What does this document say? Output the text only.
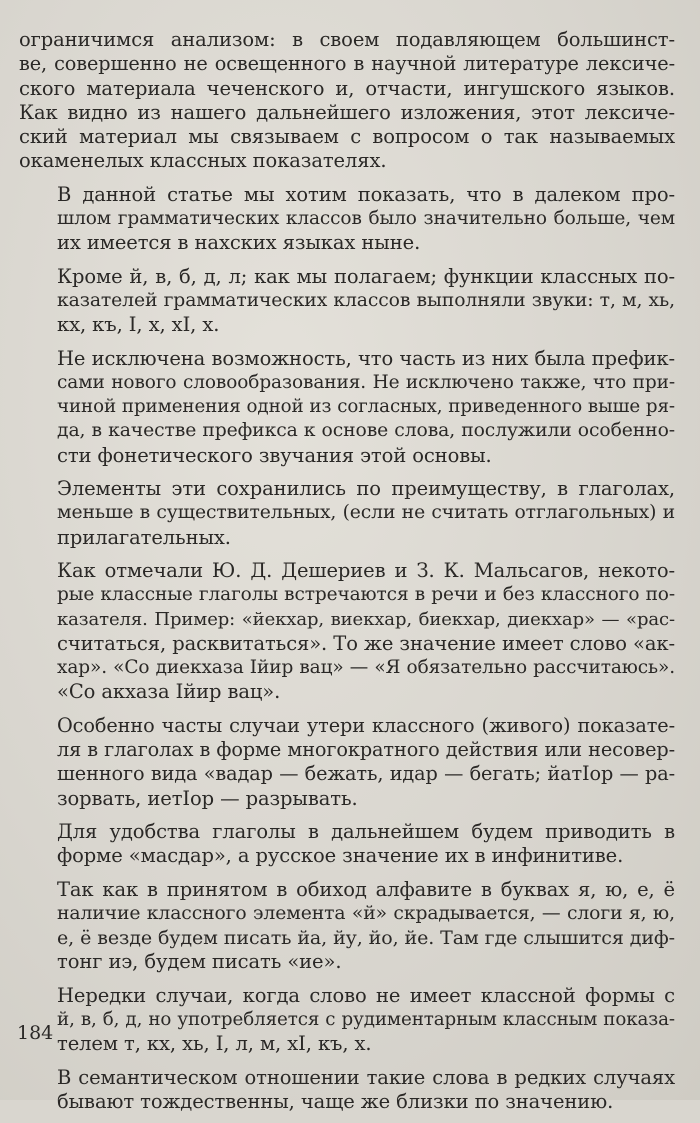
ограничимся анализом: в своем подавляющем большинст-
ве, совершенно не освещенного в научной литературе лексиче-
ского материала чеченского и, отчасти, ингушского языков.
Как видно из нашего дальнейшего изложения, этот лексиче-
ский материал мы связываем с вопросом о так называемых
окаменелых классных показателях.
В данной статье мы хотим показать, что в далеком про-
шлом грамматических классов было значительно больше, чем
их имеется в нахских языках ныне.
Кроме й, в, б, д, л; как мы полагаем; функции классных по-
казателей грамматических классов выполняли звуки: т, м, хь,
кх, къ, I, х, хI, х.
Не исключена возможность, что часть из них была префик-
сами нового словообразования. Не исключено также, что при-
чиной применения одной из согласных, приведенного выше ря-
да, в качестве префикса к основе слова, послужили особенно-
сти фонетического звучания этой основы.
Элементы эти сохранились по преимуществу, в глаголах,
меньше в существительных, (если не считать отглагольных) и
прилагательных.
Как отмечали Ю. Д. Дешериев и З. К. Мальсагов, некото-
рые классные глаголы встречаются в речи и без классного по-
казателя. Пример: «йекхар, виекхар, биекхар, диекхар» — «рас-
считаться, расквитаться». То же значение имеет слово «ак-
хар». «Со диекхаза Iйир вац» — «Я обязательно рассчитаюсь».
«Со акхаза Iйир вац».
Особенно часты случаи утери классного (живого) показате-
ля в глаголах в форме многократного действия или несовер-
шенного вида «вадар — бежать, идар — бегать; йатIор — ра-
зорвать, иетIор — разрывать.
Для удобства глаголы в дальнейшем будем приводить в
форме «масдар», а русское значение их в инфинитиве.
Так как в принятом в обиход алфавите в буквах я, ю, е, ё
наличие классного элемента «й» скрадывается, — слоги я, ю,
е, ё везде будем писать йа, йу, йо, йе. Там где слышится диф-
тонг иэ, будем писать «ие».
Нередки случаи, когда слово не имеет классной формы с
й, в, б, д, но употребляется с рудиментарным классным показа-
телем т, кх, хь, I, л, м, хI, къ, х.
В семантическом отношении такие слова в редких случаях
бывают тождественны, чаще же близки по значению.
184
